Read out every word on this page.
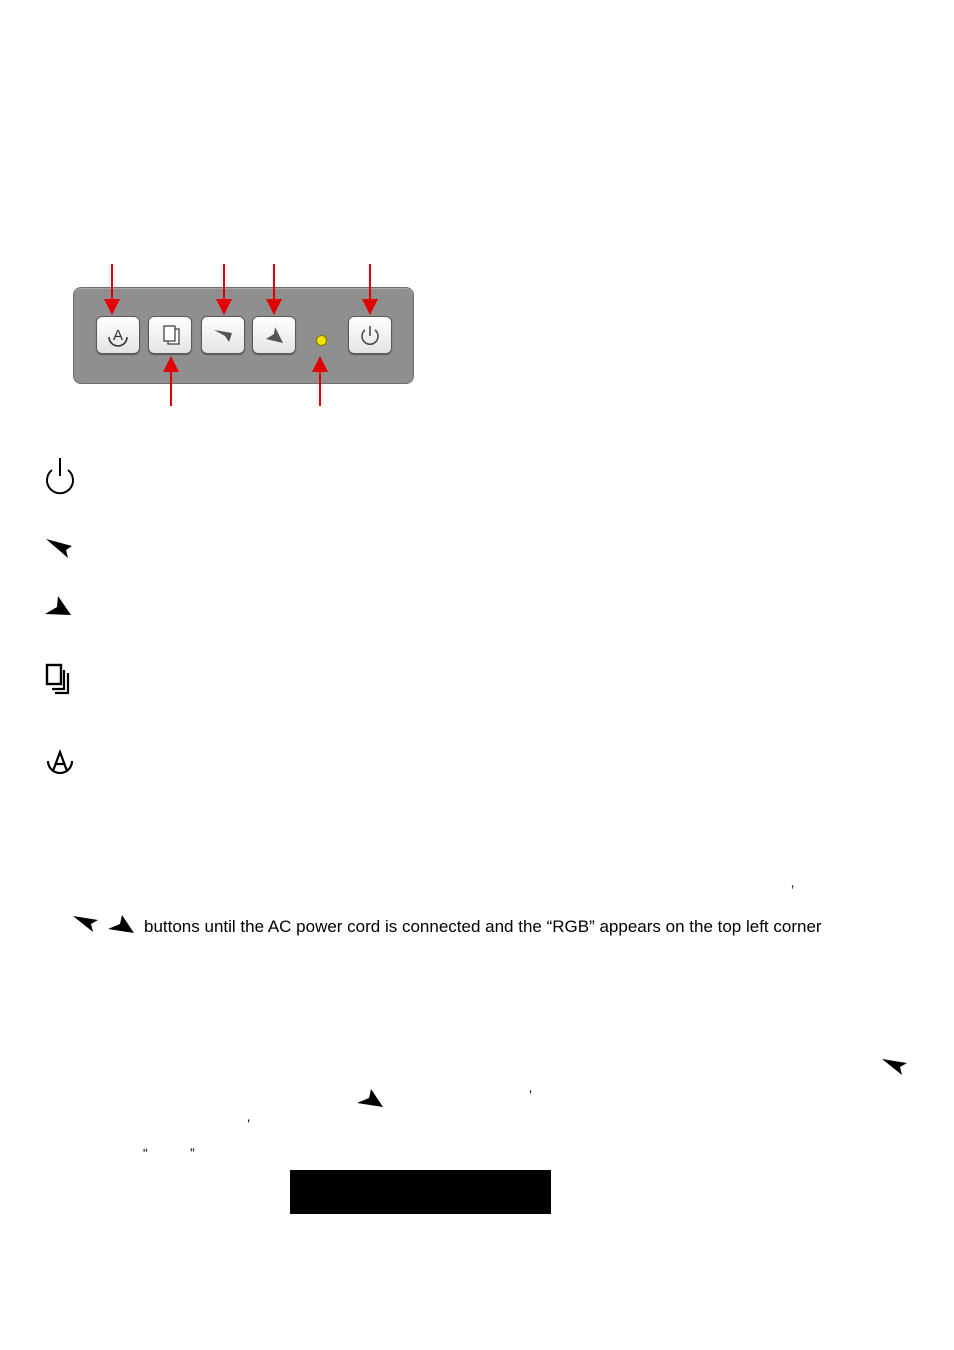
A
’
buttons until the AC power cord is connected and the “RGB” appears on the top left corner
’
’
“	”
